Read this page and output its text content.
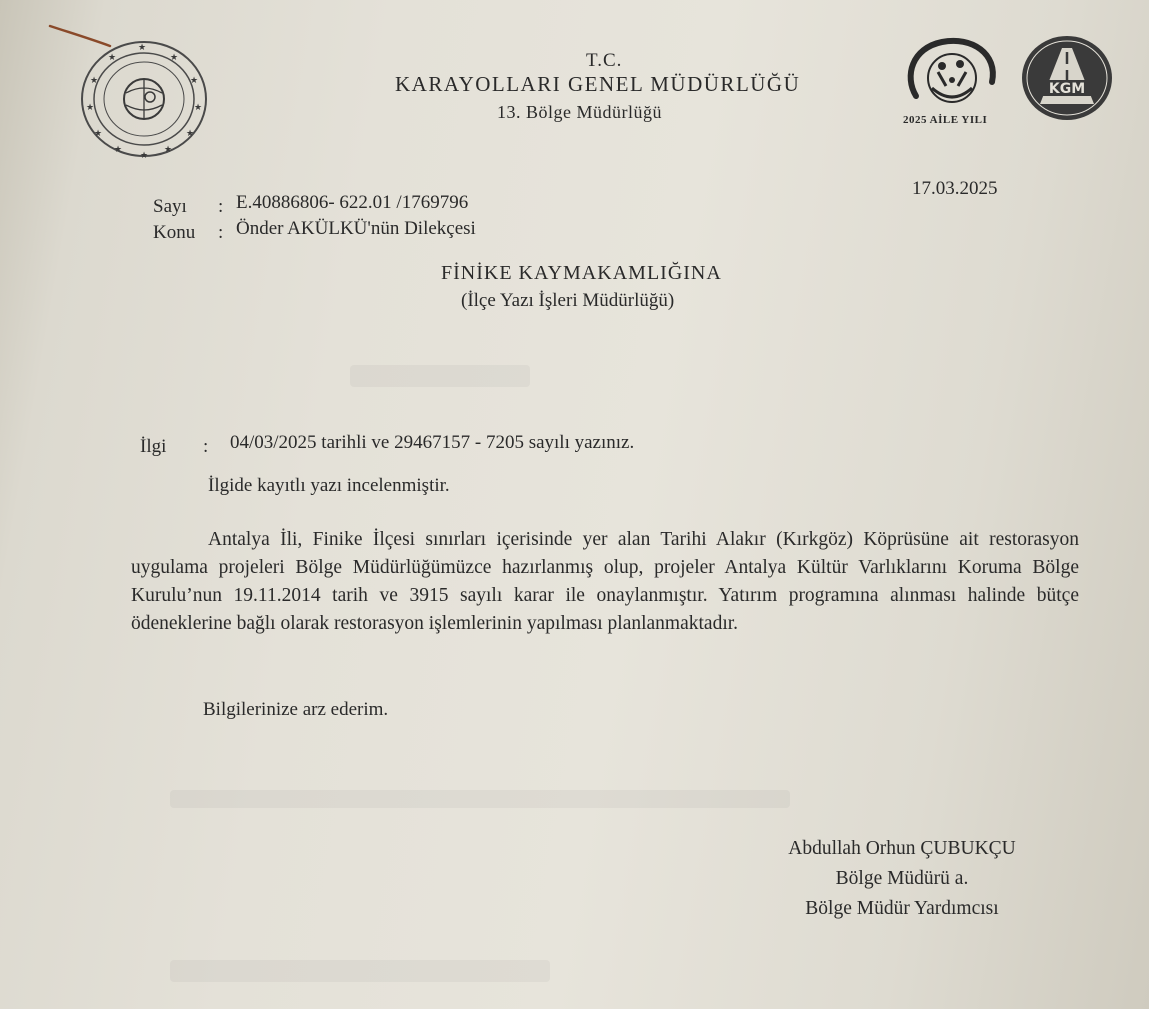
★
★	★
★	★
★	★
★	★
★	★
★
T.C.
KARAYOLLARI GENEL MÜDÜRLÜĞÜ
13. Bölge Müdürlüğü	2025 AİLE YILI
KGM
17.03.2025
Sayı : E.40886806- 622.01 /1769796
Konu : Önder AKÜLKÜ'nün Dilekçesi
FİNİKE KAYMAKAMLIĞINA
(İlçe Yazı İşleri Müdürlüğü)
İlgi : 04/03/2025 tarihli ve 29467157 - 7205 sayılı yazınız.
İlgide kayıtlı yazı incelenmiştir.
Antalya İli, Finike İlçesi sınırları içerisinde yer alan Tarihi Alakır (Kırkgöz) Köprüsüne ait restorasyon uygulama projeleri Bölge Müdürlüğümüzce hazırlanmış olup, projeler Antalya Kültür Varlıklarını Koruma Bölge Kurulu’nun 19.11.2014 tarih ve 3915 sayılı karar ile onaylanmıştır. Yatırım programına alınması halinde bütçe ödeneklerine bağlı olarak restorasyon işlemlerinin yapılması planlanmaktadır.
Bilgilerinize arz ederim.
Abdullah Orhun ÇUBUKÇU
Bölge Müdürü a.
Bölge Müdür Yardımcısı
